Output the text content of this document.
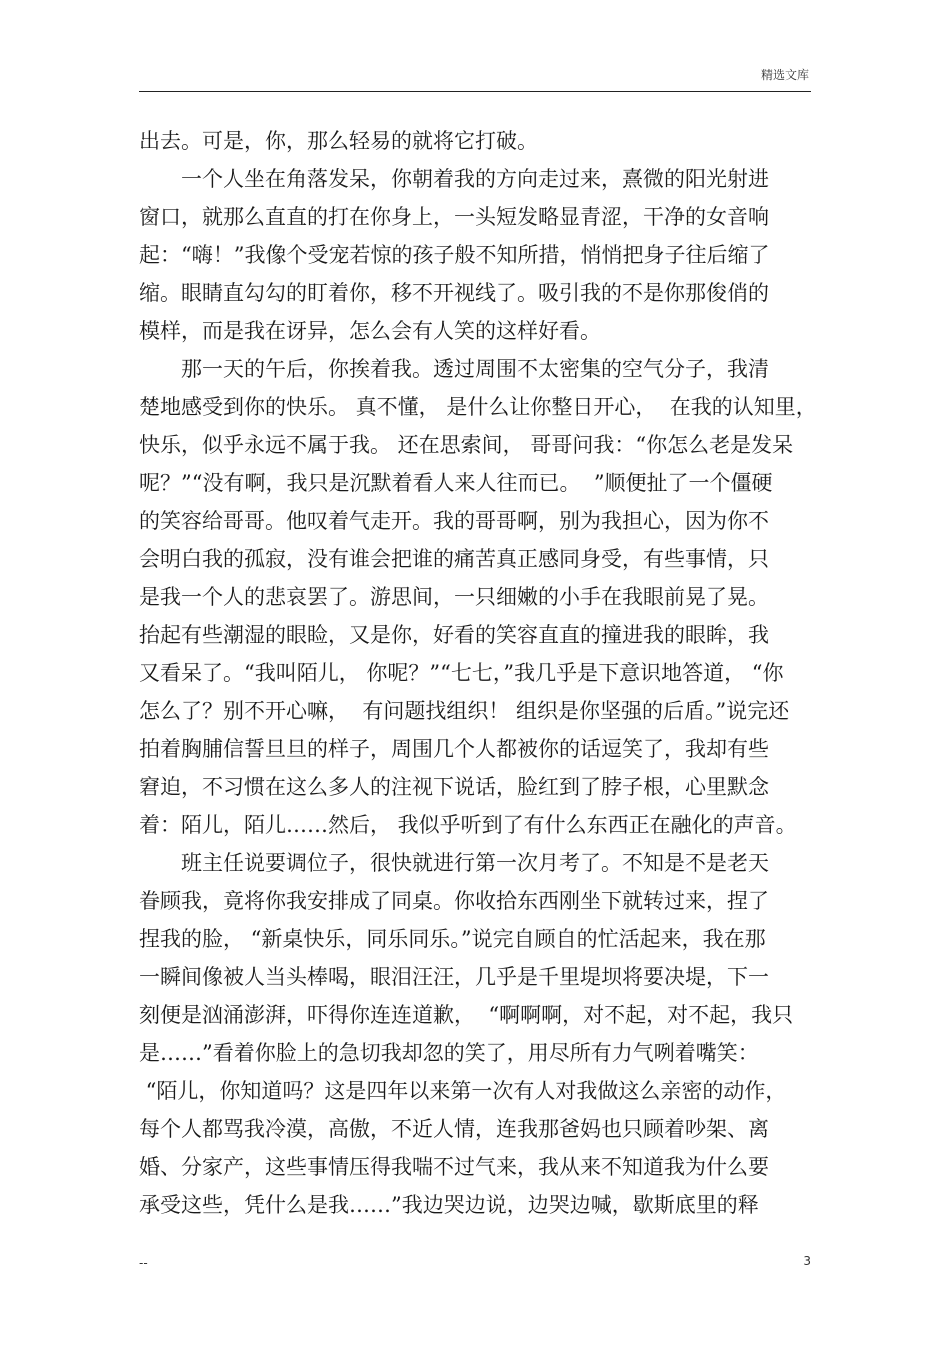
精选文库
出去。可是，你，那么轻易的就将它打破。
　　一个人坐在角落发呆，你朝着我的方向走过来，熹微的阳光射进
窗口，就那么直直的打在你身上，一头短发略显青涩，干净的女音响
起：“嗨！”我像个受宠若惊的孩子般不知所措，悄悄把身子往后缩了
缩。眼睛直勾勾的盯着你，移不开视线了。吸引我的不是你那俊俏的
模样，而是我在讶异，怎么会有人笑的这样好看。
　　那一天的午后，你挨着我。透过周围不太密集的空气分子，我清
楚地感受到你的快乐。 真不懂， 是什么让你整日开心，  在我的认知里，
快乐，似乎永远不属于我。 还在思索间， 哥哥问我：“你怎么老是发呆
呢？”“没有啊，我只是沉默着看人来人往而已。  ”顺便扯了一个僵硬
的笑容给哥哥。他叹着气走开。我的哥哥啊，别为我担心，因为你不
会明白我的孤寂，没有谁会把谁的痛苦真正感同身受，有些事情，只
是我一个人的悲哀罢了。游思间，一只细嫩的小手在我眼前晃了晃。
抬起有些潮湿的眼睑，又是你，好看的笑容直直的撞进我的眼眸，我
又看呆了。“我叫陌儿， 你呢？”“七七，”我几乎是下意识地答道， “你
怎么了？别不开心嘛，  有问题找组织！ 组织是你坚强的后盾。”说完还
拍着胸脯信誓旦旦的样子，周围几个人都被你的话逗笑了，我却有些
窘迫，不习惯在这么多人的注视下说话，脸红到了脖子根，心里默念
着：陌儿，陌儿……然后， 我似乎听到了有什么东西正在融化的声音。
　　班主任说要调位子，很快就进行第一次月考了。不知是不是老天
眷顾我，竟将你我安排成了同桌。你收拾东西刚坐下就转过来，捏了
捏我的脸， “新桌快乐，同乐同乐。”说完自顾自的忙活起来，我在那
一瞬间像被人当头棒喝，眼泪汪汪，几乎是千里堤坝将要决堤，下一
刻便是汹涌澎湃，吓得你连连道歉，  “啊啊啊，对不起，对不起，我只
是……”看着你脸上的急切我却忽的笑了，用尽所有力气咧着嘴笑：
“陌儿，你知道吗？这是四年以来第一次有人对我做这么亲密的动作，
每个人都骂我冷漠，高傲，不近人情，连我那爸妈也只顾着吵架、离
婚、分家产，这些事情压得我喘不过气来，我从来不知道我为什么要
承受这些，凭什么是我……”我边哭边说，边哭边喊，歇斯底里的释
--	3
